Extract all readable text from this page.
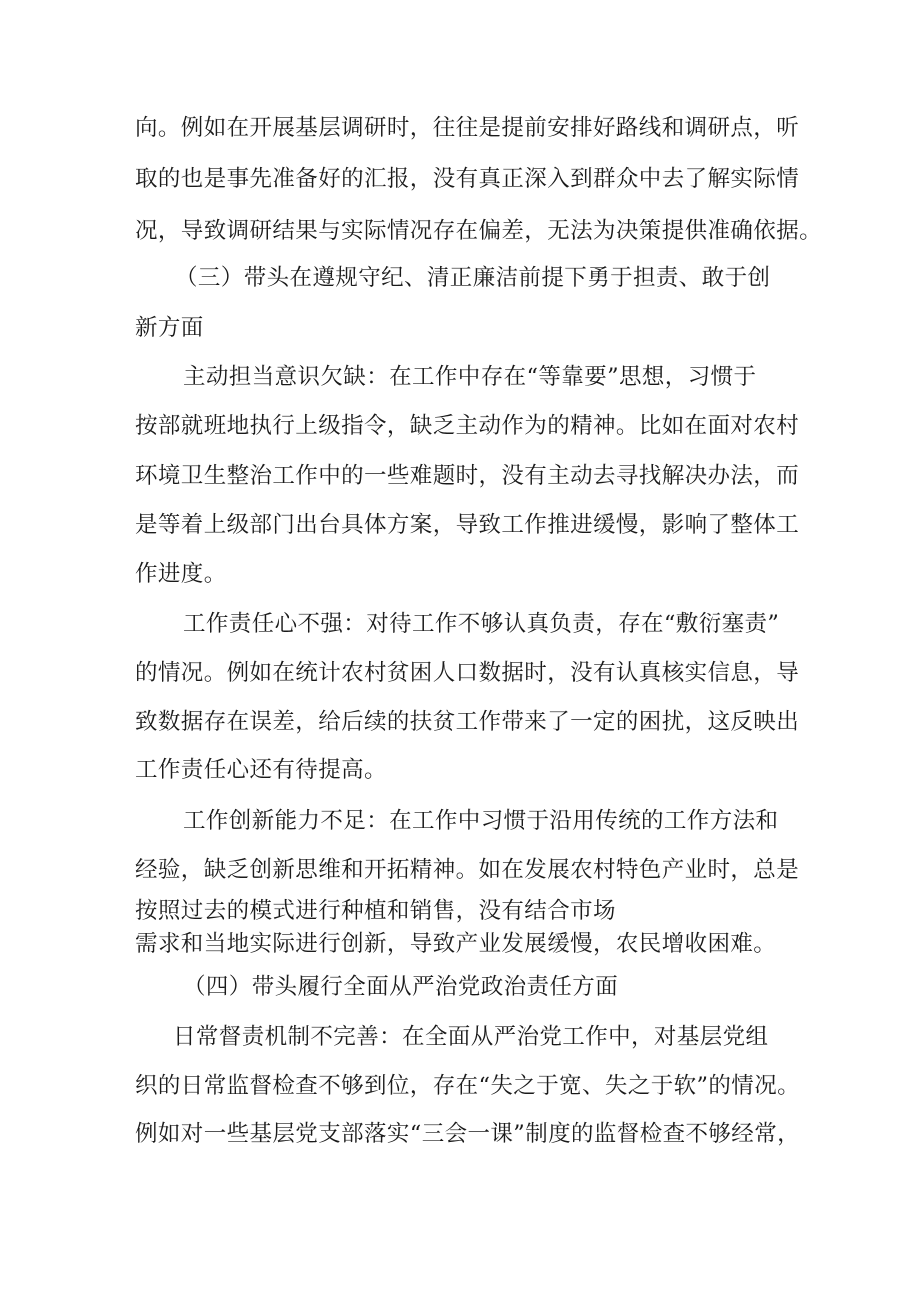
向。例如在开展基层调研时，往往是提前安排好路线和调研点，听
取的也是事先准备好的汇报，没有真正深入到群众中去了解实际情
况，导致调研结果与实际情况存在偏差，无法为决策提供准确依据。
（三）带头在遵规守纪、清正廉洁前提下勇于担责、敢于创
新方面
主动担当意识欠缺：在工作中存在“等靠要”思想，习惯于
按部就班地执行上级指令，缺乏主动作为的精神。比如在面对农村
环境卫生整治工作中的一些难题时，没有主动去寻找解决办法，而
是等着上级部门出台具体方案，导致工作推进缓慢，影响了整体工
作进度。
工作责任心不强：对待工作不够认真负责，存在“敷衍塞责”
的情况。例如在统计农村贫困人口数据时，没有认真核实信息，导
致数据存在误差，给后续的扶贫工作带来了一定的困扰，这反映出
工作责任心还有待提高。
工作创新能力不足：在工作中习惯于沿用传统的工作方法和
经验，缺乏创新思维和开拓精神。如在发展农村特色产业时，总是
按照过去的模式进行种植和销售，没有结合市场
需求和当地实际进行创新，导致产业发展缓慢，农民增收困难。
（四）带头履行全面从严治党政治责任方面
日常督责机制不完善：在全面从严治党工作中，对基层党组
织的日常监督检查不够到位，存在“失之于宽、失之于软”的情况。
例如对一些基层党支部落实“三会一课”制度的监督检查不够经常，
